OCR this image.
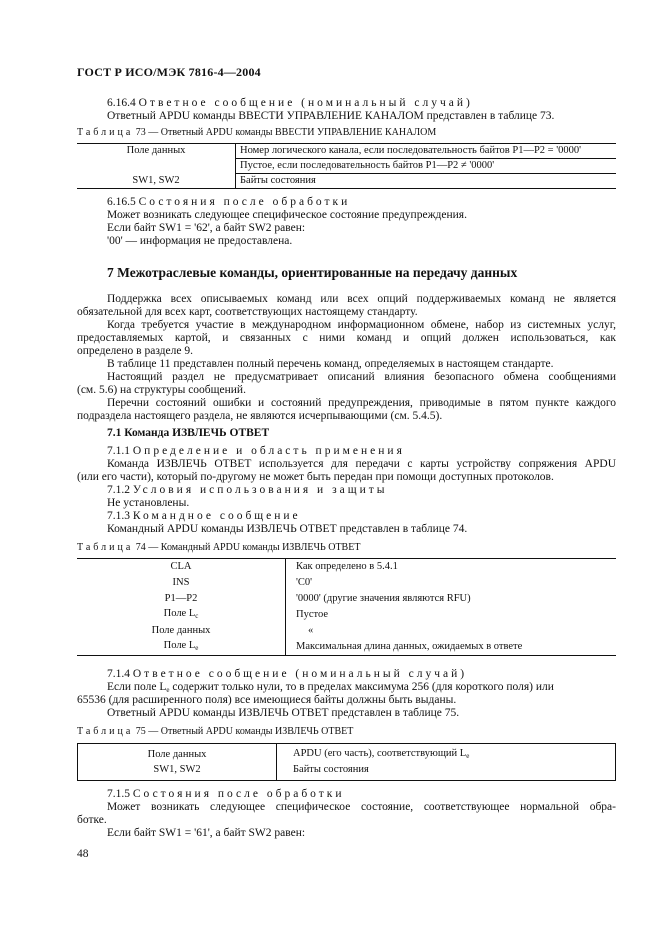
ГОСТ Р ИСО/МЭК 7816-4—2004
6.16.4 Ответное сообщение (номинальный случай)
Ответный APDU команды ВВЕСТИ УПРАВЛЕНИЕ КАНАЛОМ представлен в таблице 73.
Таблица 73 — Ответный APDU команды ВВЕСТИ УПРАВЛЕНИЕ КАНАЛОМ
Поле данных	Номер логического канала, если последовательность байтов P1—P2 = '0000'
	Пустое, если последовательность байтов P1—P2 ≠ '0000'
SW1, SW2	Байты состояния
6.16.5 Состояния после обработки
Может возникать следующее специфическое состояние предупреждения.
Если байт SW1 = '62', а байт SW2 равен:
'00' — информация не предоставлена.
7 Межотраслевые команды, ориентированные на передачу данных
Поддержка всех описываемых команд или всех опций поддерживаемых команд не является
обязательной для всех карт, соответствующих настоящему стандарту.
Когда требуется участие в международном информационном обмене, набор из системных услуг,
предоставляемых картой, и связанных с ними команд и опций должен использоваться, как
определено в разделе 9.
В таблице 11 представлен полный перечень команд, определяемых в настоящем стандарте.
Настоящий раздел не предусматривает описаний влияния безопасного обмена сообщениями
(см. 5.6) на структуры сообщений.
Перечни состояний ошибки и состояний предупреждения, приводимые в пятом пункте каждого
подраздела настоящего раздела, не являются исчерпывающими (см. 5.4.5).
7.1 Команда ИЗВЛЕЧЬ ОТВЕТ
7.1.1 Определение и область применения
Команда ИЗВЛЕЧЬ ОТВЕТ используется для передачи с карты устройству сопряжения APDU
(или его части), который по-другому не может быть передан при помощи доступных протоколов.
7.1.2 Условия использования и защиты
Не установлены.
7.1.3 Командное сообщение
Командный APDU команды ИЗВЛЕЧЬ ОТВЕТ представлен в таблице 74.
Таблица 74 — Командный APDU команды ИЗВЛЕЧЬ ОТВЕТ
CLA	Как определено в 5.4.1
INS	'C0'
P1—P2	'0000' (другие значения являются RFU)
Поле $L_c$	Пустое
Поле данных	«
Поле $L_e$	Максимальная длина данных, ожидаемых в ответе
7.1.4 Ответное сообщение (номинальный случай)
Если поле $L_e$ содержит только нули, то в пределах максимума 256 (для короткого поля) или
65536 (для расширенного поля) все имеющиеся байты должны быть выданы.
Ответный APDU команды ИЗВЛЕЧЬ ОТВЕТ представлен в таблице 75.
Таблица 75 — Ответный APDU команды ИЗВЛЕЧЬ ОТВЕТ
Поле данных	APDU (его часть), соответствующий $L_e$
SW1, SW2	Байты состояния
7.1.5 Состояния после обработки
Может возникать следующее специфическое состояние, соответствующее нормальной обра-
ботке.
Если байт SW1 = '61', а байт SW2 равен:
48
